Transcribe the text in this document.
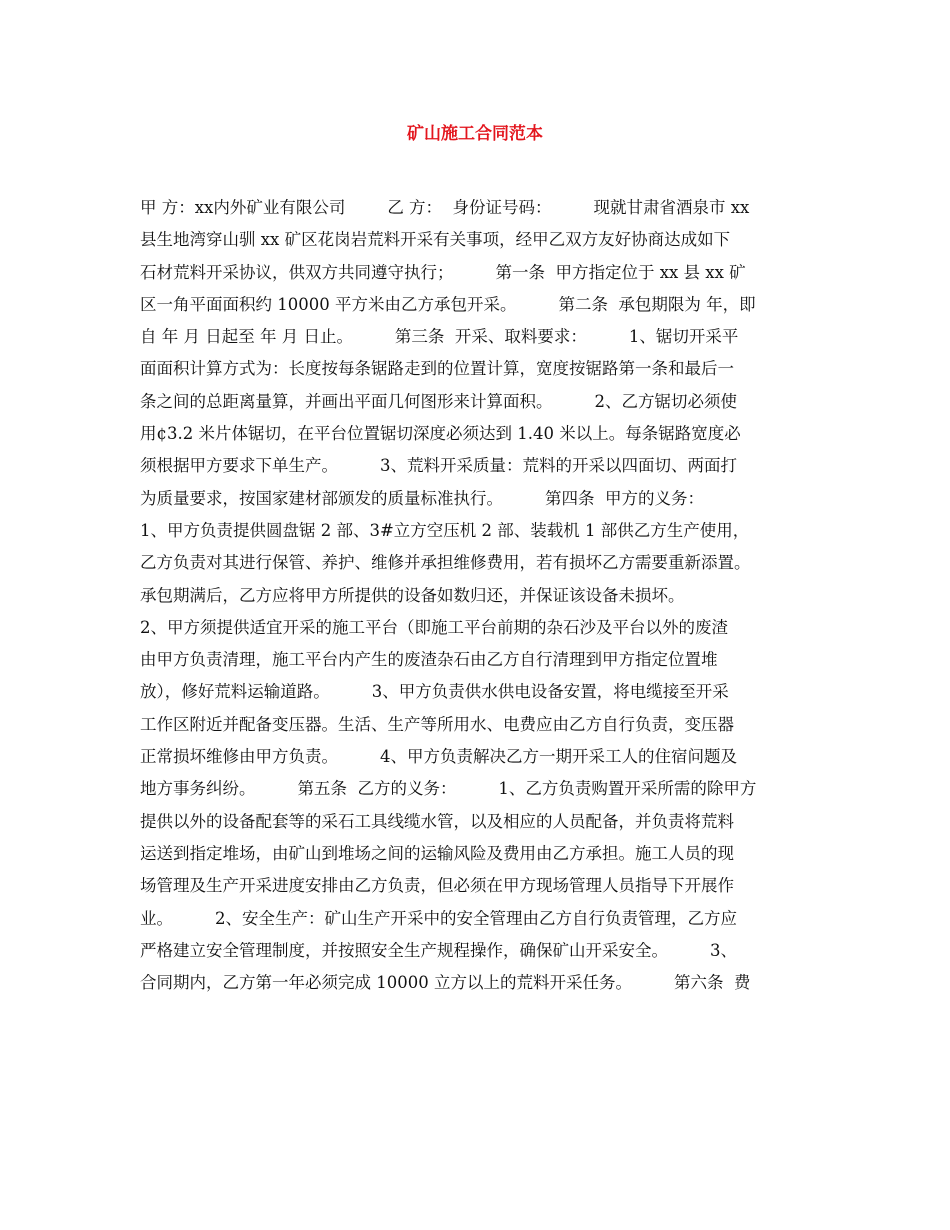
矿山施工合同范本
甲 方：xx内外矿业有限公司        乙 方：  身份证号码：        现就甘肃省酒泉市 xx
县生地湾穿山驯 xx 矿区花岗岩荒料开采有关事项，经甲乙双方友好协商达成如下
石材荒料开采协议，供双方共同遵守执行；        第一条  甲方指定位于 xx 县 xx 矿
区一角平面面积约 10000 平方米由乙方承包开采。        第二条  承包期限为 年，即
自 年 月 日起至 年 月 日止。        第三条  开采、取料要求：        1、锯切开采平
面面积计算方式为：长度按每条锯路走到的位置计算，宽度按锯路第一条和最后一
条之间的总距离量算，并画出平面几何图形来计算面积。        2、乙方锯切必须使
用¢3.2 米片体锯切，在平台位置锯切深度必须达到 1.40 米以上。每条锯路宽度必
须根据甲方要求下单生产。        3、荒料开采质量：荒料的开采以四面切、两面打
为质量要求，按国家建材部颁发的质量标准执行。        第四条  甲方的义务：
1、甲方负责提供圆盘锯 2 部、3#立方空压机 2 部、装载机 1 部供乙方生产使用，
乙方负责对其进行保管、养护、维修并承担维修费用，若有损坏乙方需要重新添置。
承包期满后，乙方应将甲方所提供的设备如数归还，并保证该设备未损坏。
2、甲方须提供适宜开采的施工平台（即施工平台前期的杂石沙及平台以外的废渣
由甲方负责清理，施工平台内产生的废渣杂石由乙方自行清理到甲方指定位置堆
放），修好荒料运输道路。        3、甲方负责供水供电设备安置，将电缆接至开采
工作区附近并配备变压器。生活、生产等所用水、电费应由乙方自行负责，变压器
正常损坏维修由甲方负责。        4、甲方负责解决乙方一期开采工人的住宿问题及
地方事务纠纷。        第五条  乙方的义务：        1、乙方负责购置开采所需的除甲方
提供以外的设备配套等的采石工具线缆水管，以及相应的人员配备，并负责将荒料
运送到指定堆场，由矿山到堆场之间的运输风险及费用由乙方承担。施工人员的现
场管理及生产开采进度安排由乙方负责，但必须在甲方现场管理人员指导下开展作
业。        2、安全生产：矿山生产开采中的安全管理由乙方自行负责管理，乙方应
严格建立安全管理制度，并按照安全生产规程操作，确保矿山开采安全。        3、
合同期内，乙方第一年必须完成 10000 立方以上的荒料开采任务。        第六条  费
